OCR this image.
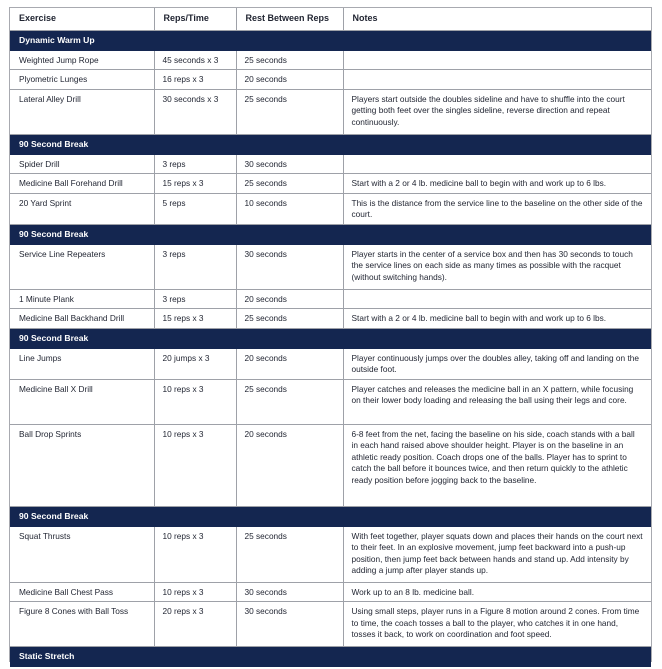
Exercise	Reps/Time	Rest Between Reps	Notes
Dynamic Warm Up			
Weighted Jump Rope	45 seconds x 3	25 seconds	
Plyometric Lunges	16 reps x 3	20 seconds	
Lateral Alley Drill	30 seconds x 3	25 seconds	Players start outside the doubles sideline and have to shuffle into the court getting both feet over the singles sideline, reverse direction and repeat continuously.
90 Second Break			
Spider Drill	3 reps	30 seconds	
Medicine Ball Forehand Drill	15 reps x 3	25 seconds	Start with a 2 or 4 lb. medicine ball to begin with and work up to 6 lbs.
20 Yard Sprint	5 reps	10 seconds	This is the distance from the service line to the baseline on the other side of the court.
90 Second Break			
Service Line Repeaters	3 reps	30 seconds	Player starts in the center of a service box and then has 30 seconds to touch the service lines on each side as many times as possible with the racquet (without switching hands).
1 Minute Plank	3 reps	20 seconds	
Medicine Ball Backhand Drill	15 reps x 3	25 seconds	Start with a 2 or 4 lb. medicine ball to begin with and work up to 6 lbs.
90 Second Break			
Line Jumps	20 jumps x 3	20 seconds	Player continuously jumps over the doubles alley, taking off and landing on the outside foot.
Medicine Ball X Drill	10 reps x 3	25 seconds	Player catches and releases the medicine ball in an X pattern, while focusing on their lower body loading and releasing the ball using their legs and core.
Ball Drop Sprints	10 reps x 3	20 seconds	6-8 feet from the net, facing the baseline on his side, coach stands with a ball in each hand raised above shoulder height. Player is on the baseline in an athletic ready position. Coach drops one of the balls. Player has to sprint to catch the ball before it bounces twice, and then return quickly to the athletic ready position before jogging back to the baseline.
90 Second Break			
Squat Thrusts	10 reps x 3	25 seconds	With feet together, player squats down and places their hands on the court next to their feet. In an explosive movement, jump feet backward into a push-up position, then jump feet back between hands and stand up. Add intensity by adding a jump after player stands up.
Medicine Ball Chest Pass	10 reps x 3	30 seconds	Work up to an 8 lb. medicine ball.
Figure 8 Cones with Ball Toss	20 reps x 3	30 seconds	Using small steps, player runs in a Figure 8 motion around 2 cones. From time to time, the coach tosses a ball to the player, who catches it in one hand, tosses it back, to work on coordination and foot speed.
Static Stretch			
